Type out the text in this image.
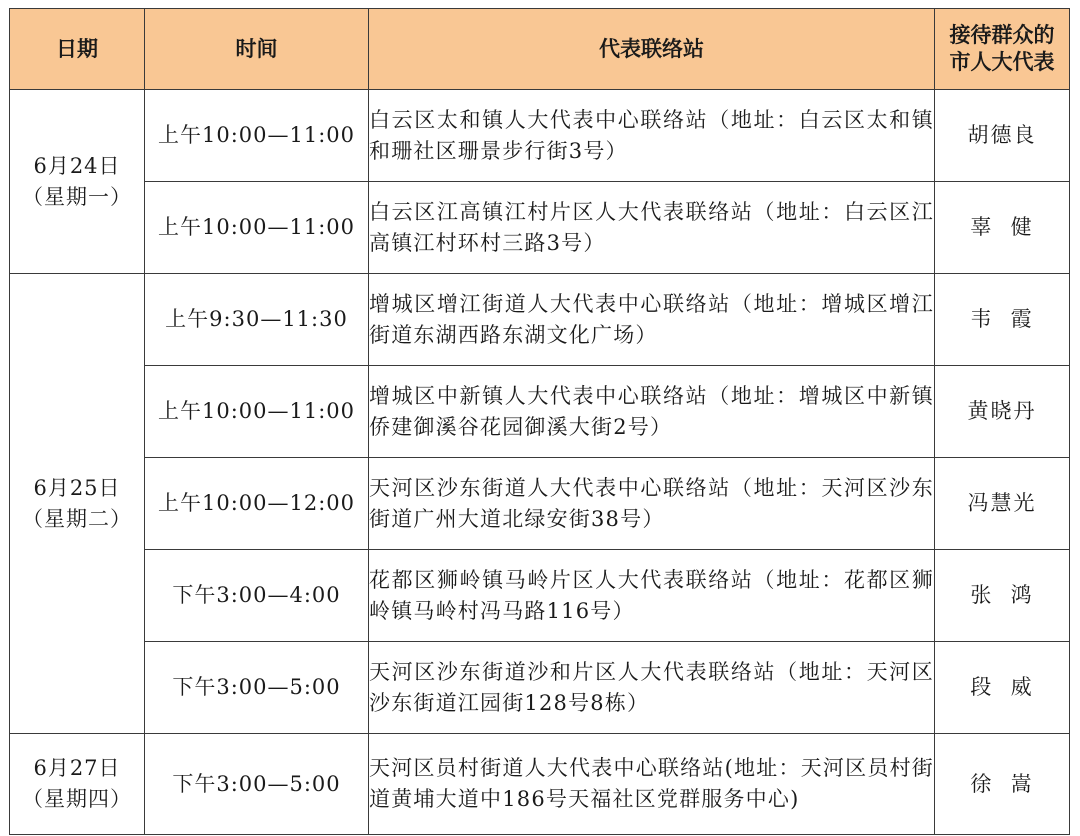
日期	时间	代表联络站	接待群众的
市人大代表
6月24日
（星期一）	上午10:00—11:00	白云区太和镇人大代表中心联络站（地址：白云区太和镇和珊社区珊景步行街3号）	胡德良
	上午10:00—11:00	白云区江高镇江村片区人大代表联络站（地址：白云区江高镇江村环村三路3号）	辜  健
6月25日
（星期二）	上午9:30—11:30	增城区增江街道人大代表中心联络站（地址：增城区增江街道东湖西路东湖文化广场）	韦  霞
	上午10:00—11:00	增城区中新镇人大代表中心联络站（地址：增城区中新镇侨建御溪谷花园御溪大街2号）	黄晓丹
	上午10:00—12:00	天河区沙东街道人大代表中心联络站（地址：天河区沙东街道广州大道北绿安街38号）	冯慧光
	下午3:00—4:00	花都区狮岭镇马岭片区人大代表联络站（地址：花都区狮岭镇马岭村冯马路116号）	张  鸿
	下午3:00—5:00	天河区沙东街道沙和片区人大代表联络站（地址：天河区沙东街道江园街128号8栋）	段  威
6月27日
（星期四）	下午3:00—5:00	天河区员村街道人大代表中心联络站(地址：天河区员村街道黄埔大道中186号天福社区党群服务中心)	徐  嵩
